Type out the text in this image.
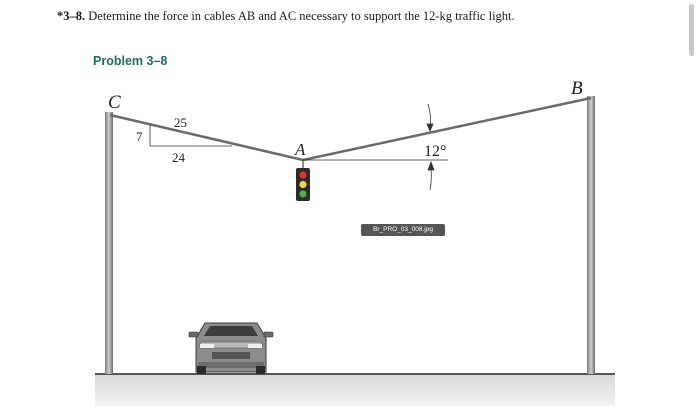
*3–8. Determine the force in cables AB and AC necessary to support the 12-kg traffic light.
Problem 3–8
C
B
A
25
7
24	12°
Br_PRO_03_008.jpg
